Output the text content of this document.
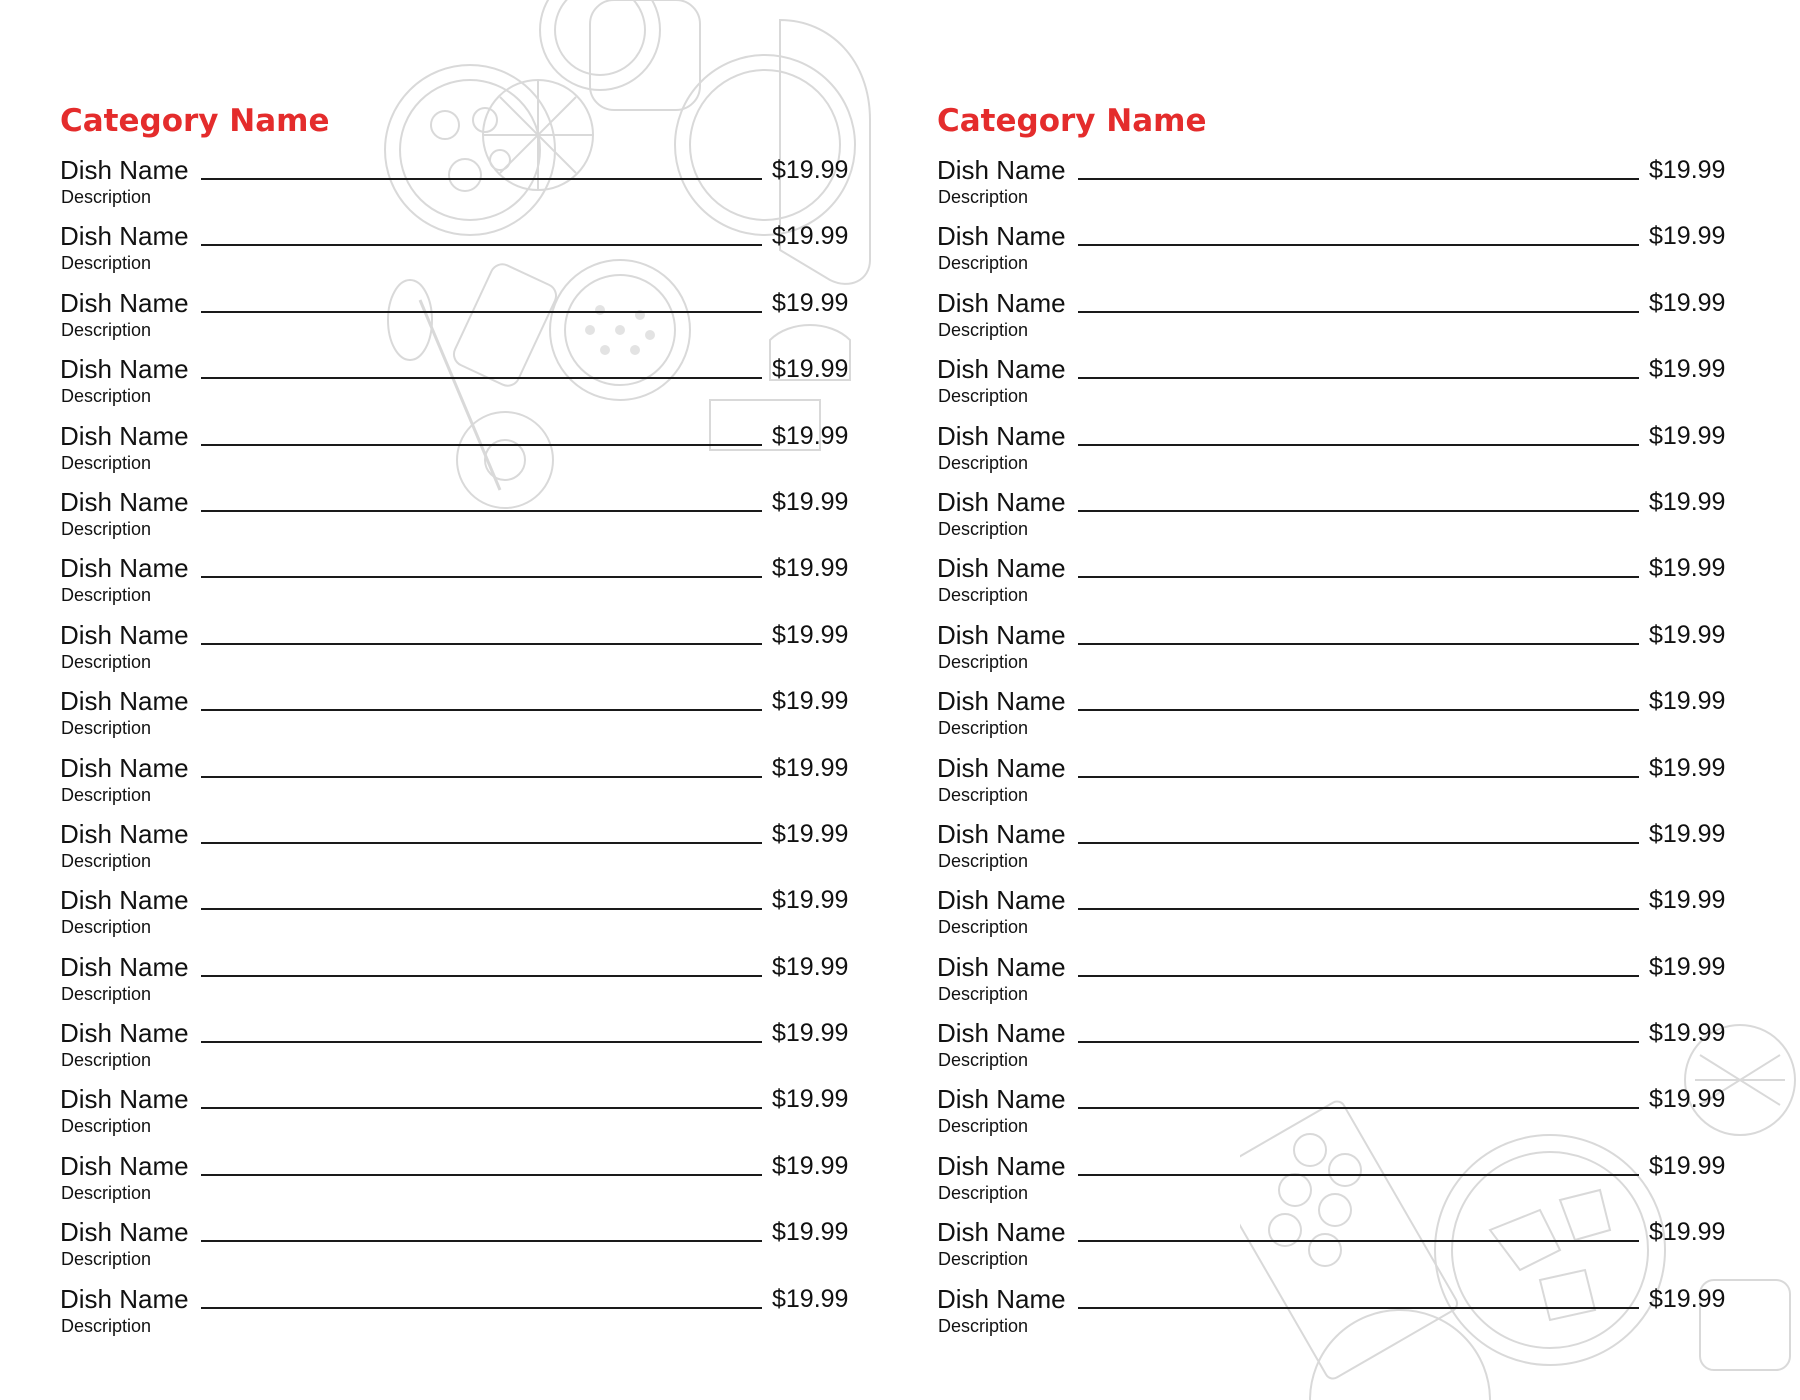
Category Name
Dish Name	$19.99
Description
Dish Name	$19.99
Description
Dish Name	$19.99
Description
Dish Name	$19.99
Description
Dish Name	$19.99
Description
Dish Name	$19.99
Description
Dish Name	$19.99
Description
Dish Name	$19.99
Description
Dish Name	$19.99
Description
Dish Name	$19.99
Description
Dish Name	$19.99
Description
Dish Name	$19.99
Description
Dish Name	$19.99
Description
Dish Name	$19.99
Description
Dish Name	$19.99
Description
Dish Name	$19.99
Description
Dish Name	$19.99
Description
Dish Name	$19.99
Description
Category Name
Dish Name	$19.99
Description
Dish Name	$19.99
Description
Dish Name	$19.99
Description
Dish Name	$19.99
Description
Dish Name	$19.99
Description
Dish Name	$19.99
Description
Dish Name	$19.99
Description
Dish Name	$19.99
Description
Dish Name	$19.99
Description
Dish Name	$19.99
Description
Dish Name	$19.99
Description
Dish Name	$19.99
Description
Dish Name	$19.99
Description
Dish Name	$19.99
Description
Dish Name	$19.99
Description
Dish Name	$19.99
Description
Dish Name	$19.99
Description
Dish Name	$19.99
Description
